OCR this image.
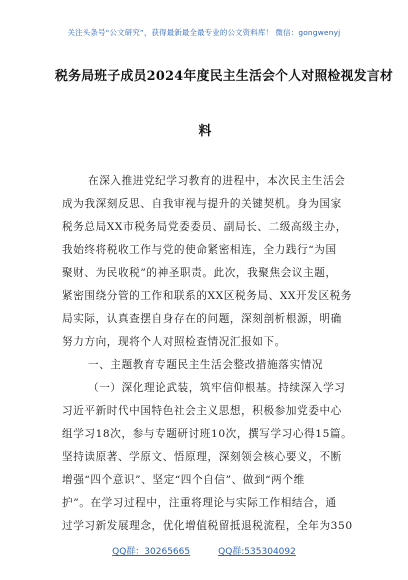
关注头条号“公文研究”，获得最新最全最专业的公文资料库！ 微信：gongwenyj
税务局班子成员2024年度民主生活会个人对照检视发言材
料
在深入推进党纪学习教育的进程中，本次民主生活会
成为我深刻反思、自我审视与提升的关键契机。身为国家
税务总局XX市税务局党委委员、副局长、二级高级主办，
我始终将税收工作与党的使命紧密相连，全力践行“为国
聚财、为民收税”的神圣职责。此次，我聚焦会议主题，
紧密围绕分管的工作和联系的XX区税务局、XX开发区税务
局实际，认真查摆自身存在的问题，深刻剖析根源，明确
努力方向，现将个人对照检查情况汇报如下。
一、主题教育专题民主生活会整改措施落实情况
（一）深化理论武装，筑牢信仰根基。持续深入学习
习近平新时代中国特色社会主义思想，积极参加党委中心
组学习18次，参与专题研讨班10次，撰写学习心得15篇。
坚持读原著、学原文、悟原理，深刻领会核心要义，不断
增强“四个意识”、坚定“四个自信”、做到“两个维
护”。在学习过程中，注重将理论与实际工作相结合，通
过学习新发展理念，优化增值税留抵退税流程，全年为350
QQ群：30265665	QQ群:535304092
